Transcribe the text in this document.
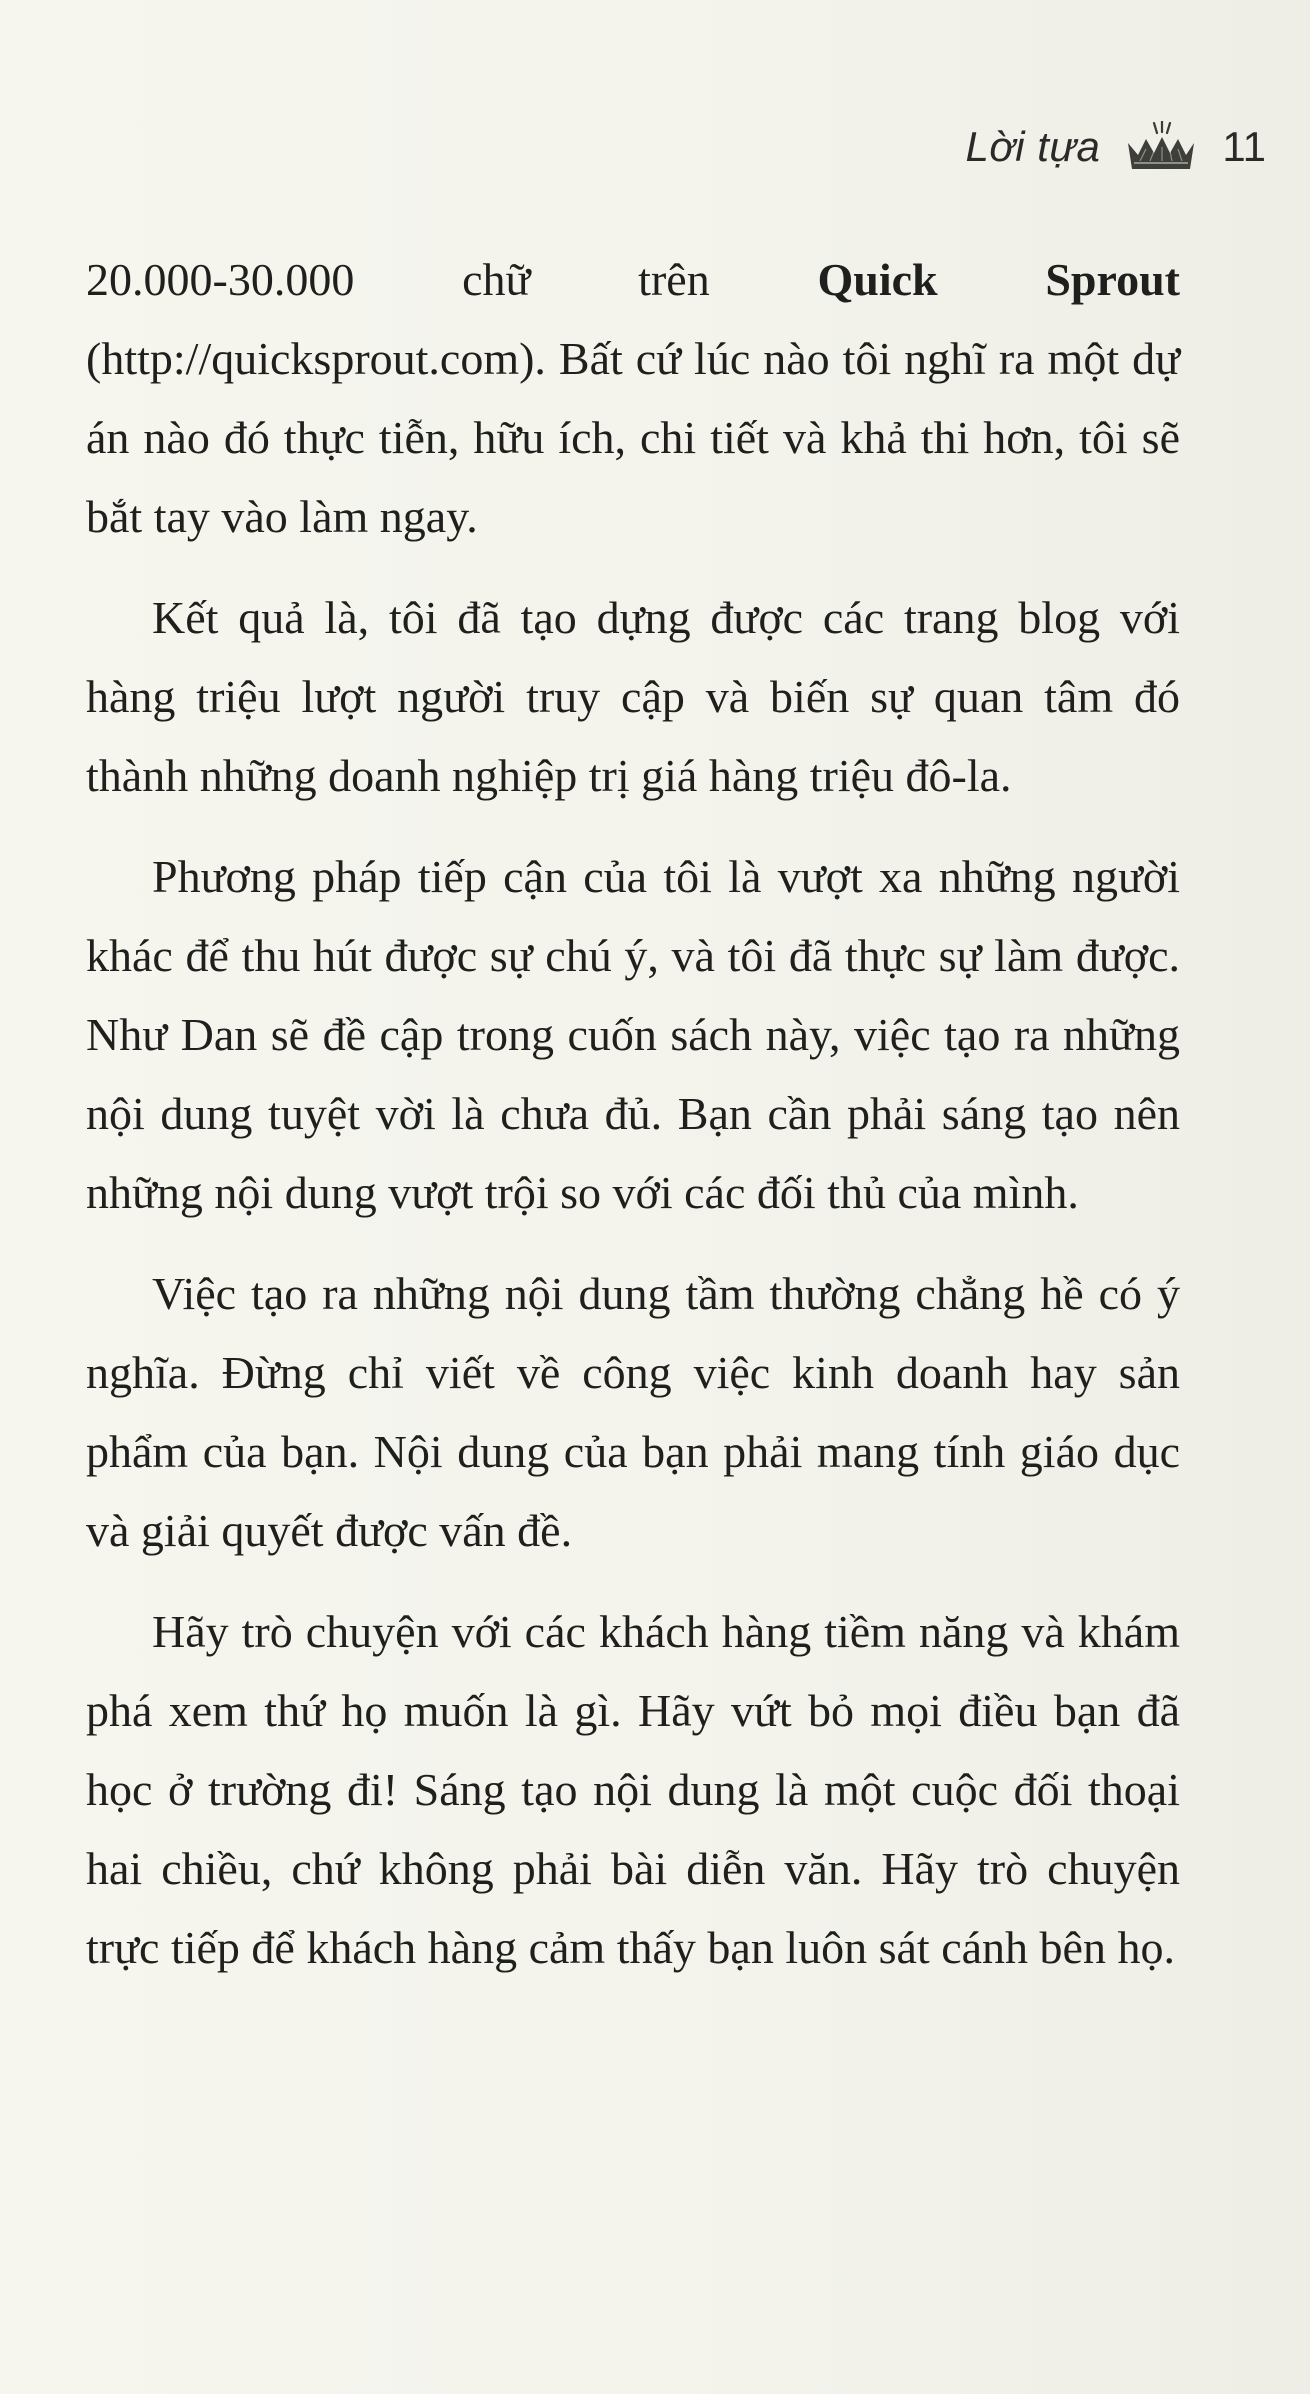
Lời tựa	11

20.000-30.000 chữ trên Quick Sprout (http://quicksprout.com). Bất cứ lúc nào tôi nghĩ ra một dự án nào đó thực tiễn, hữu ích, chi tiết và khả thi hơn, tôi sẽ bắt tay vào làm ngay.

Kết quả là, tôi đã tạo dựng được các trang blog với hàng triệu lượt người truy cập và biến sự quan tâm đó thành những doanh nghiệp trị giá hàng triệu đô-la.

Phương pháp tiếp cận của tôi là vượt xa những người khác để thu hút được sự chú ý, và tôi đã thực sự làm được. Như Dan sẽ đề cập trong cuốn sách này, việc tạo ra những nội dung tuyệt vời là chưa đủ. Bạn cần phải sáng tạo nên những nội dung vượt trội so với các đối thủ của mình.

Việc tạo ra những nội dung tầm thường chẳng hề có ý nghĩa. Đừng chỉ viết về công việc kinh doanh hay sản phẩm của bạn. Nội dung của bạn phải mang tính giáo dục và giải quyết được vấn đề.

Hãy trò chuyện với các khách hàng tiềm năng và khám phá xem thứ họ muốn là gì. Hãy vứt bỏ mọi điều bạn đã học ở trường đi! Sáng tạo nội dung là một cuộc đối thoại hai chiều, chứ không phải bài diễn văn. Hãy trò chuyện trực tiếp để khách hàng cảm thấy bạn luôn sát cánh bên họ.
